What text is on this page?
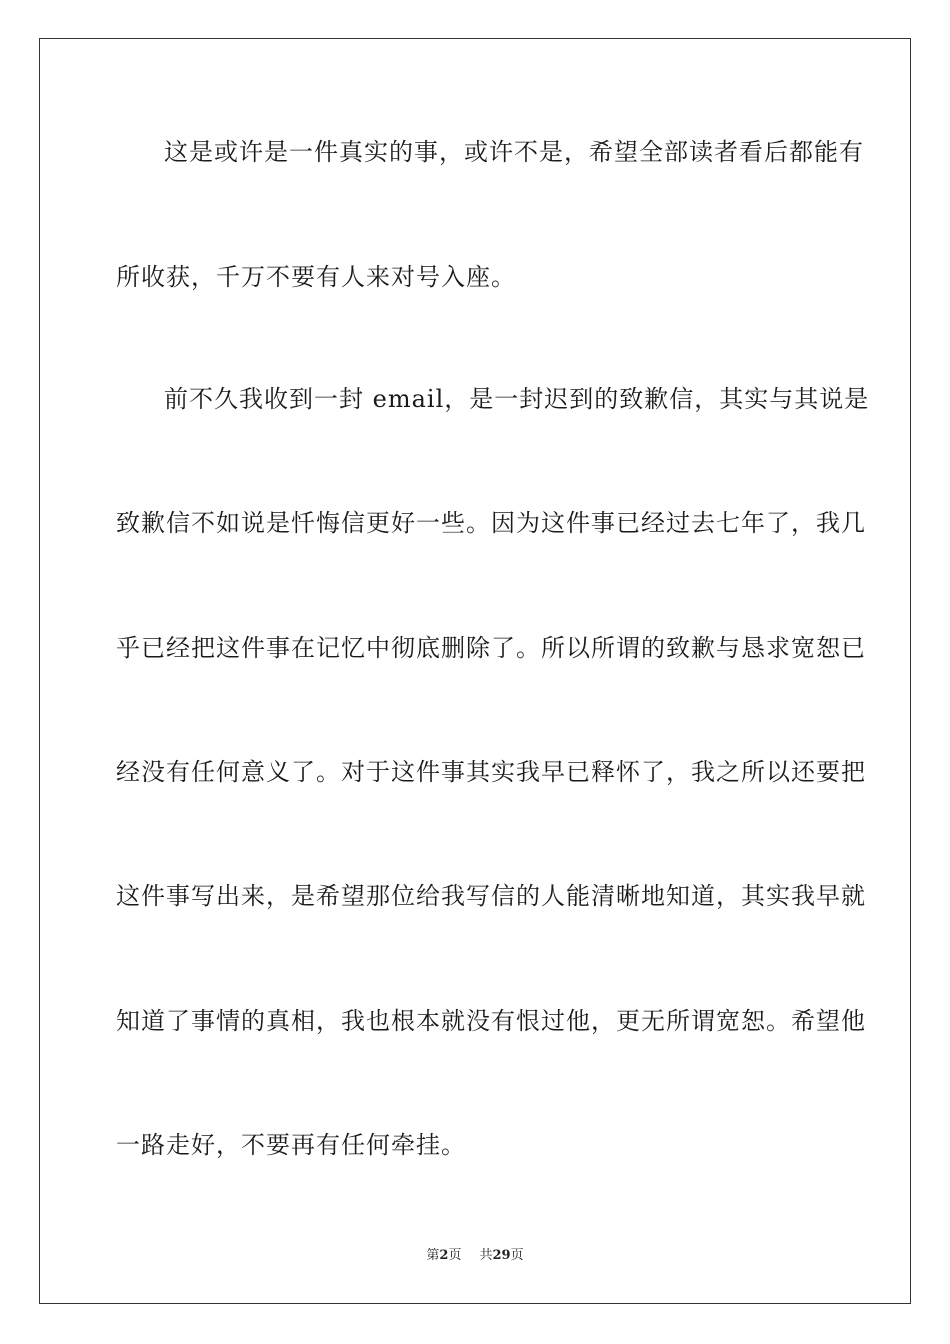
这是或许是一件真实的事，或许不是，希望全部读者看后都能有
所收获，千万不要有人来对号入座。
前不久我收到一封 email，是一封迟到的致歉信，其实与其说是
致歉信不如说是忏悔信更好一些。因为这件事已经过去七年了，我几
乎已经把这件事在记忆中彻底删除了。所以所谓的致歉与恳求宽恕已
经没有任何意义了。对于这件事其实我早已释怀了，我之所以还要把
这件事写出来，是希望那位给我写信的人能清晰地知道，其实我早就
知道了事情的真相，我也根本就没有恨过他，更无所谓宽恕。希望他
一路走好，不要再有任何牵挂。
第2页 共29页
